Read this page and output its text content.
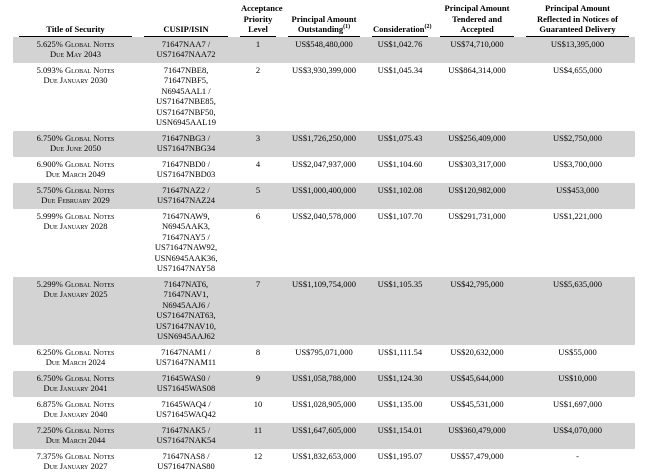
Title of Security	CUSIP/ISIN	Acceptance
Priority
Level	Principal Amount
Outstanding$^{(1)}$	Consideration$^{(2)}$	Principal Amount
Tendered and
Accepted	Principal Amount
Reflected in Notices of
Guaranteed Delivery

5.625% Global Notes
Due May 2043	71647NAA7 /
US71647NAA72	1	US$548,480,000	US$1,042.76	US$74,710,000	US$13,395,000
5.093% Global Notes
Due January 2030	71647NBE8,
71647NBF5,
N6945AAL1 /
US71647NBE85,
US71647NBF50,
USN6945AAL19	2	US$3,930,399,000	US$1,045.34	US$864,314,000	US$4,655,000
6.750% Global Notes
Due June 2050	71647NBG3 /
US71647NBG34	3	US$1,726,250,000	US$1,075.43	US$256,409,000	US$2,750,000
6.900% Global Notes
Due March 2049	71647NBD0 /
US71647NBD03	4	US$2,047,937,000	US$1,104.60	US$303,317,000	US$3,700,000
5.750% Global Notes
Due February 2029	71647NAZ2 /
US71647NAZ24	5	US$1,000,400,000	US$1,102.08	US$120,982,000	US$453,000
5.999% Global Notes
Due January 2028	71647NAW9,
N6945AAK3,
71647NAY5 /
US71647NAW92,
USN6945AAK36,
US71647NAY58	6	US$2,040,578,000	US$1,107.70	US$291,731,000	US$1,221,000
5.299% Global Notes
Due January 2025	71647NAT6,
71647NAV1,
N6945AAJ6 /
US71647NAT63,
US71647NAV10,
USN6945AAJ62	7	US$1,109,754,000	US$1,105.35	US$42,795,000	US$5,635,000
6.250% Global Notes
Due March 2024	71647NAM1 /
US71647NAM11	8	US$795,071,000	US$1,111.54	US$20,632,000	US$55,000
6.750% Global Notes
Due January 2041	71645WAS0 /
US71645WAS08	9	US$1,058,788,000	US$1,124.30	US$45,644,000	US$10,000
6.875% Global Notes
Due January 2040	71645WAQ4 /
US71645WAQ42	10	US$1,028,905,000	US$1,135.00	US$45,531,000	US$1,697,000
7.250% Global Notes
Due March 2044	71647NAK5 /
US71647NAK54	11	US$1,647,605,000	US$1,154.01	US$360,479,000	US$4,070,000
7.375% Global Notes
Due January 2027	71647NAS8 /
US71647NAS80	12	US$1,832,653,000	US$1,195.07	US$57,479,000	-
